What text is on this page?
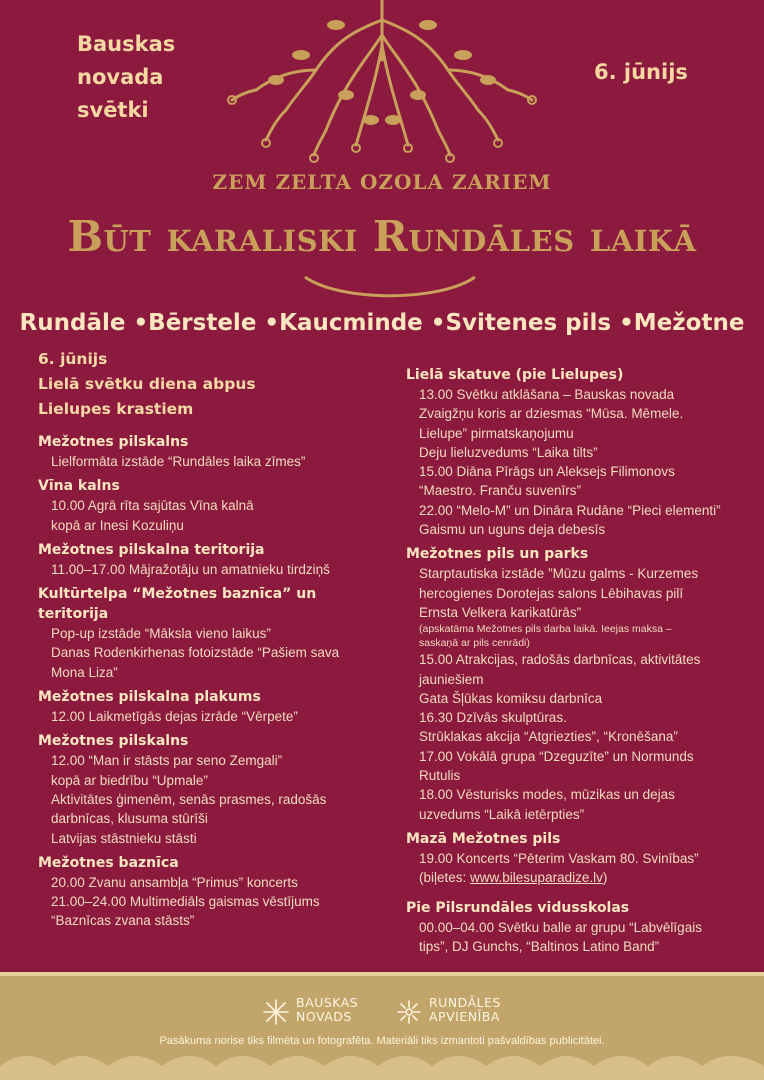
Bauskas
novada
svētki
6. jūnijs
ZEM ZELTA OZOLA ZARIEM
Būt karaliski Rundāles laikā
Rundāle •Bērstele •Kaucminde •Svitenes pils •Mežotne
6. jūnijs
Lielā svētku diena abpus
Lielupes krastiem
Mežotnes pilskalns
Lielformāta izstāde “Rundāles laika zīmes”
Vīna kalns
10.00 Agrā rīta sajūtas Vīna kalnā
kopā ar Inesi Kozuliņu
Mežotnes pilskalna teritorija
11.00–17.00 Mājražotāju un amatnieku tirdziņš
Kultūrtelpa “Mežotnes baznīca” un teritorija
Pop-up izstāde “Māksla vieno laikus”
Danas Rodenkirhenas fotoizstāde “Pašiem sava
Mona Liza”
Mežotnes pilskalna plakums
12.00 Laikmetīgās dejas izrāde “Vērpete”
Mežotnes pilskalns
12.00 “Man ir stāsts par seno Zemgali”
kopā ar biedrību “Upmale”
Aktivitātes ģimenēm, senās prasmes, radošās
darbnīcas, klusuma stūrīši
Latvijas stāstnieku stāsti
Mežotnes baznīca
20.00 Zvanu ansambļa “Primus” koncerts
21.00–24.00 Multimediāls gaismas vēstījums
“Baznīcas zvana stāsts”
Lielā skatuve (pie Lielupes)
13.00 Svētku atklāšana – Bauskas novada
Zvaigžņu koris ar dziesmas “Mūsa. Mēmele.
Lielupe” pirmatskaņojumu
Deju lieluzvedums “Laika tilts”
15.00 Diāna Pīrāgs un Aleksejs Filimonovs
“Maestro. Franču suvenīrs”
22.00 “Melo-M” un Dināra Rudāne “Pieci elementi”
Gaismu un uguns deja debesīs
Mežotnes pils un parks
Starptautiska izstāde ”Mūzu galms - Kurzemes
hercogienes Dorotejas salons Lēbihavas pilī
Ernsta Velkera karikatūrās”
(apskatāma Mežotnes pils darba laikā. Ieejas maksa –
saskaņā ar pils cenrādi)
15.00 Atrakcijas, radošās darbnīcas, aktivitātes
jauniešiem
Gata Šļūkas komiksu darbnīca
16.30 Dzīvās skulptūras.
Strūklakas akcija “Atgriezties”, “Kronēšana”
17.00 Vokālā grupa “Dzeguzīte” un Normunds
Rutulis
18.00 Vēsturisks modes, mūzikas un dejas
uzvedums “Laikā ietērpties”
Mazā Mežotnes pils
19.00 Koncerts “Pēterim Vaskam 80. Svinības”
(biļetes: www.bilesuparadize.lv)
Pie Pilsrundāles vidusskolas
00.00–04.00 Svētku balle ar grupu “Labvēlīgais
tips”, DJ Gunchs, “Baltinos Latino Band”
BAUSKAS
NOVADS
RUNDĀLES
APVIENĪBA
Pasākuma norise tiks filmēta un fotografēta. Materiāli tiks izmantoti pašvaldības publicitātei.
